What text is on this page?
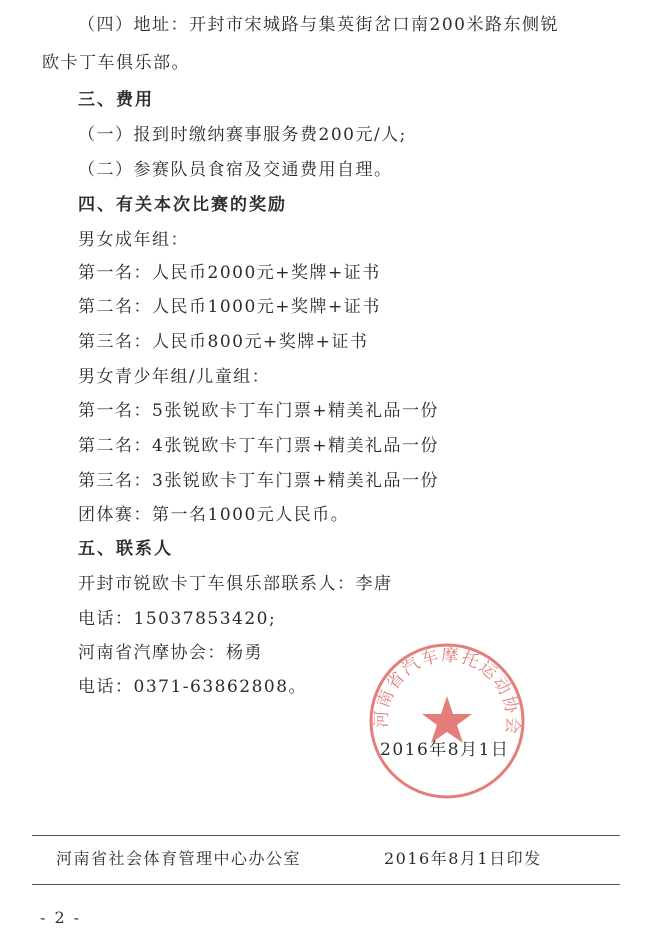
（四）地址：开封市宋城路与集英街岔口南200米路东侧锐
欧卡丁车俱乐部。
三、费用
（一）报到时缴纳赛事服务费200元/人;
（二）参赛队员食宿及交通费用自理。
四、有关本次比赛的奖励
男女成年组：
第一名：人民币2000元+奖牌+证书
第二名：人民币1000元+奖牌+证书
第三名：人民币800元+奖牌+证书
男女青少年组/儿童组：
第一名：5张锐欧卡丁车门票+精美礼品一份
第二名：4张锐欧卡丁车门票+精美礼品一份
第三名：3张锐欧卡丁车门票+精美礼品一份
团体赛：第一名1000元人民币。
五、联系人
开封市锐欧卡丁车俱乐部联系人：李唐
电话：15037853420;
河南省汽摩协会：杨勇
电话：0371-63862808。
河南省汽车摩托运动协会
2016年8月1日
河南省社会体育管理中心办公室	2016年8月1日印发
- 2 -
